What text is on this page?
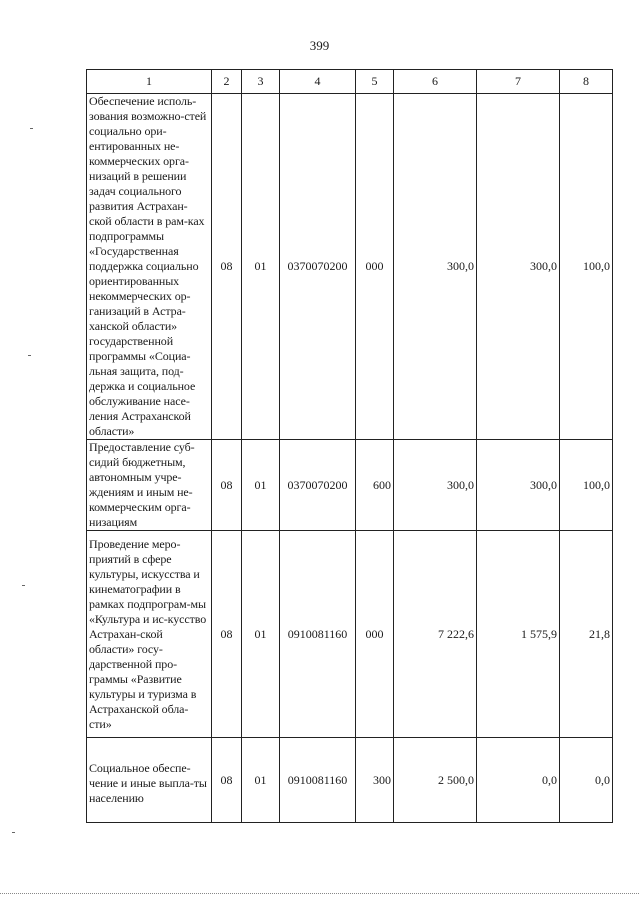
399
1	2	3	4	5	6	7	8
Обеспечение исполь-зования возможно-стей социально ори-ентированных не-коммерческих орга-низаций в решении задач социального развития Астрахан-ской области в рам-ках подпрограммы «Государственная поддержка социально ориентированных некоммерческих ор-ганизаций в Астра-ханской области» государственной программы «Социа-льная защита, под-держка и социальное обслуживание насе-ления Астраханской области»	08	01	0370070200	000	300,0	300,0	100,0
Предоставление суб-сидий бюджетным, автономным учре-ждениям и иным не-коммерческим орга-низациям	08	01	0370070200	600	300,0	300,0	100,0
Проведение меро-приятий в сфере культуры, искусства и кинематографии в рамках подпрограм-мы «Культура и ис-кусство Астрахан-ской области» госу-дарственной про-граммы «Развитие культуры и туризма в Астраханской обла-сти»	08	01	0910081160	000	7 222,6	1 575,9	21,8
Социальное обеспе-чение и иные выпла-ты населению	08	01	0910081160	300	2 500,0	0,0	0,0
